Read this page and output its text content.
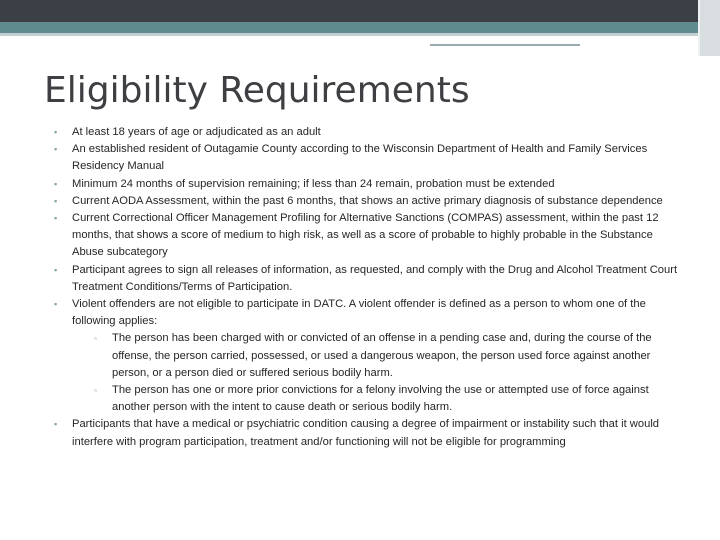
Eligibility Requirements
▪ At least 18 years of age or adjudicated as an adult
▪ An established resident of Outagamie County according to the Wisconsin Department of Health and Family Services Residency Manual
▪ Minimum 24 months of supervision remaining; if less than 24 remain, probation must be extended
▪ Current AODA Assessment, within the past 6 months, that shows an active primary diagnosis of substance dependence
▪ Current Correctional Officer Management Profiling for Alternative Sanctions (COMPAS) assessment, within the past 12 months, that shows a score of medium to high risk, as well as a score of probable to highly probable in the Substance Abuse subcategory
▪ Participant agrees to sign all releases of information, as requested, and comply with the Drug and Alcohol Treatment Court Treatment Conditions/Terms of Participation.
▪ Violent offenders are not eligible to participate in DATC. A violent offender is defined as a person to whom one of the following applies:
▫ The person has been charged with or convicted of an offense in a pending case and, during the course of the offense, the person carried, possessed, or used a dangerous weapon, the person used force against another person, or a person died or suffered serious bodily harm.
▫ The person has one or more prior convictions for a felony involving the use or attempted use of force against another person with the intent to cause death or serious bodily harm.
▪ Participants that have a medical or psychiatric condition causing a degree of impairment or instability such that it would interfere with program participation, treatment and/or functioning will not be eligible for programming
